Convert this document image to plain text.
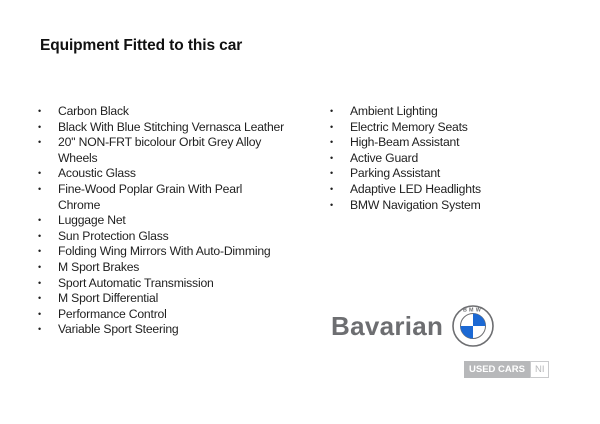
Equipment Fitted to this car
• Carbon Black
• Black With Blue Stitching Vernasca Leather
• 20'' NON-FRT bicolour Orbit Grey Alloy Wheels
• Acoustic Glass
• Fine-Wood Poplar Grain With Pearl Chrome
• Luggage Net
• Sun Protection Glass
• Folding Wing Mirrors With Auto-Dimming
• M Sport Brakes
• Sport Automatic Transmission
• M Sport Differential
• Performance Control
• Variable Sport Steering
• Ambient Lighting
• Electric Memory Seats
• High-Beam Assistant
• Active Guard
• Parking Assistant
• Adaptive LED Headlights
• BMW Navigation System
Bavarian
BMW
USED CARS	NI
